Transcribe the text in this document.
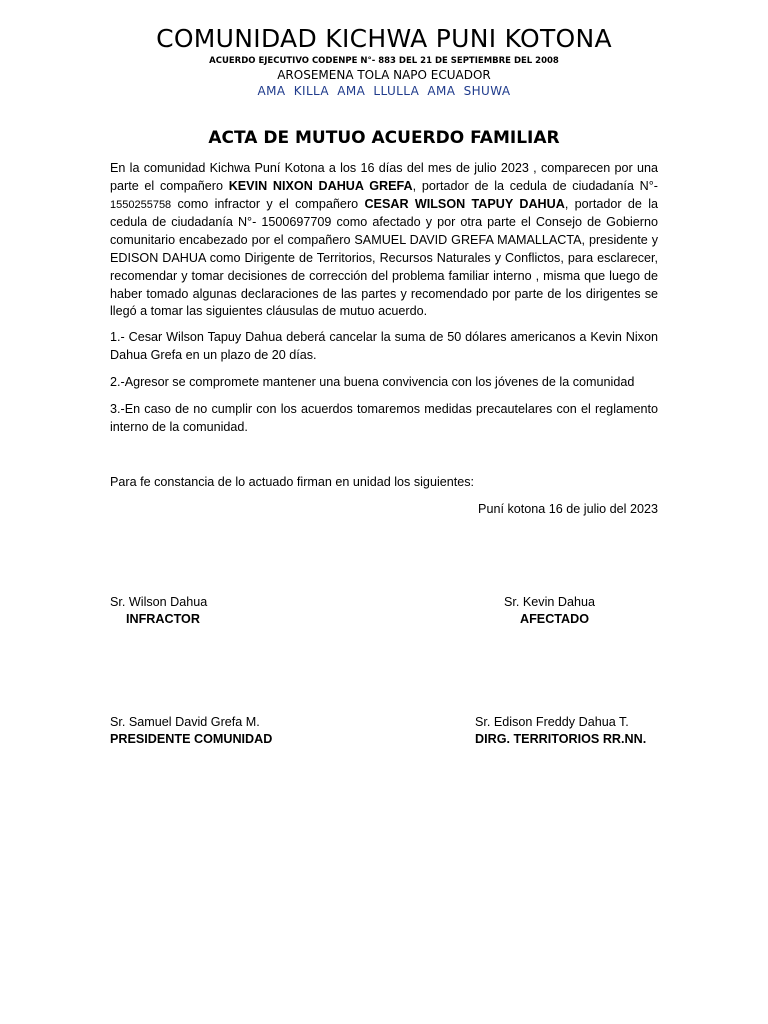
COMUNIDAD KICHWA PUNI KOTONA
ACUERDO EJECUTIVO CODENPE N°- 883 DEL 21 DE SEPTIEMBRE DEL 2008
AROSEMENA TOLA NAPO ECUADOR
AMA KILLA AMA LLULLA AMA SHUWA
ACTA DE MUTUO ACUERDO FAMILIAR

En la comunidad Kichwa Puní Kotona a los 16 días del mes de julio 2023 , comparecen por una parte el compañero KEVIN NIXON DAHUA GREFA, portador de la cedula de ciudadanía N°- 1550255758 como infractor y el compañero CESAR WILSON TAPUY DAHUA, portador de la cedula de ciudadanía N°- 1500697709 como afectado y por otra parte el Consejo de Gobierno comunitario encabezado por el compañero SAMUEL DAVID GREFA MAMALLACTA, presidente y EDISON DAHUA como Dirigente de Territorios, Recursos Naturales y Conflictos, para esclarecer, recomendar y tomar decisiones de corrección del problema familiar interno , misma que luego de haber tomado algunas declaraciones de las partes y recomendado por parte de los dirigentes se llegó a tomar las siguientes cláusulas de mutuo acuerdo.

1.- Cesar Wilson Tapuy Dahua deberá cancelar la suma de 50 dólares americanos a Kevin Nixon Dahua Grefa en un plazo de 20 días.

2.-Agresor se compromete mantener una buena convivencia con los jóvenes de la comunidad

3.-En caso de no cumplir con los acuerdos tomaremos medidas precautelares con el reglamento interno de la comunidad.

Para fe constancia de lo actuado firman en unidad los siguientes:

Puní kotona 16 de julio del 2023
Sr. Wilson Dahua
INFRACTOR
Sr. Kevin Dahua
AFECTADO
Sr. Samuel David Grefa M.
PRESIDENTE COMUNIDAD
Sr. Edison Freddy Dahua T.
DIRG. TERRITORIOS RR.NN.
